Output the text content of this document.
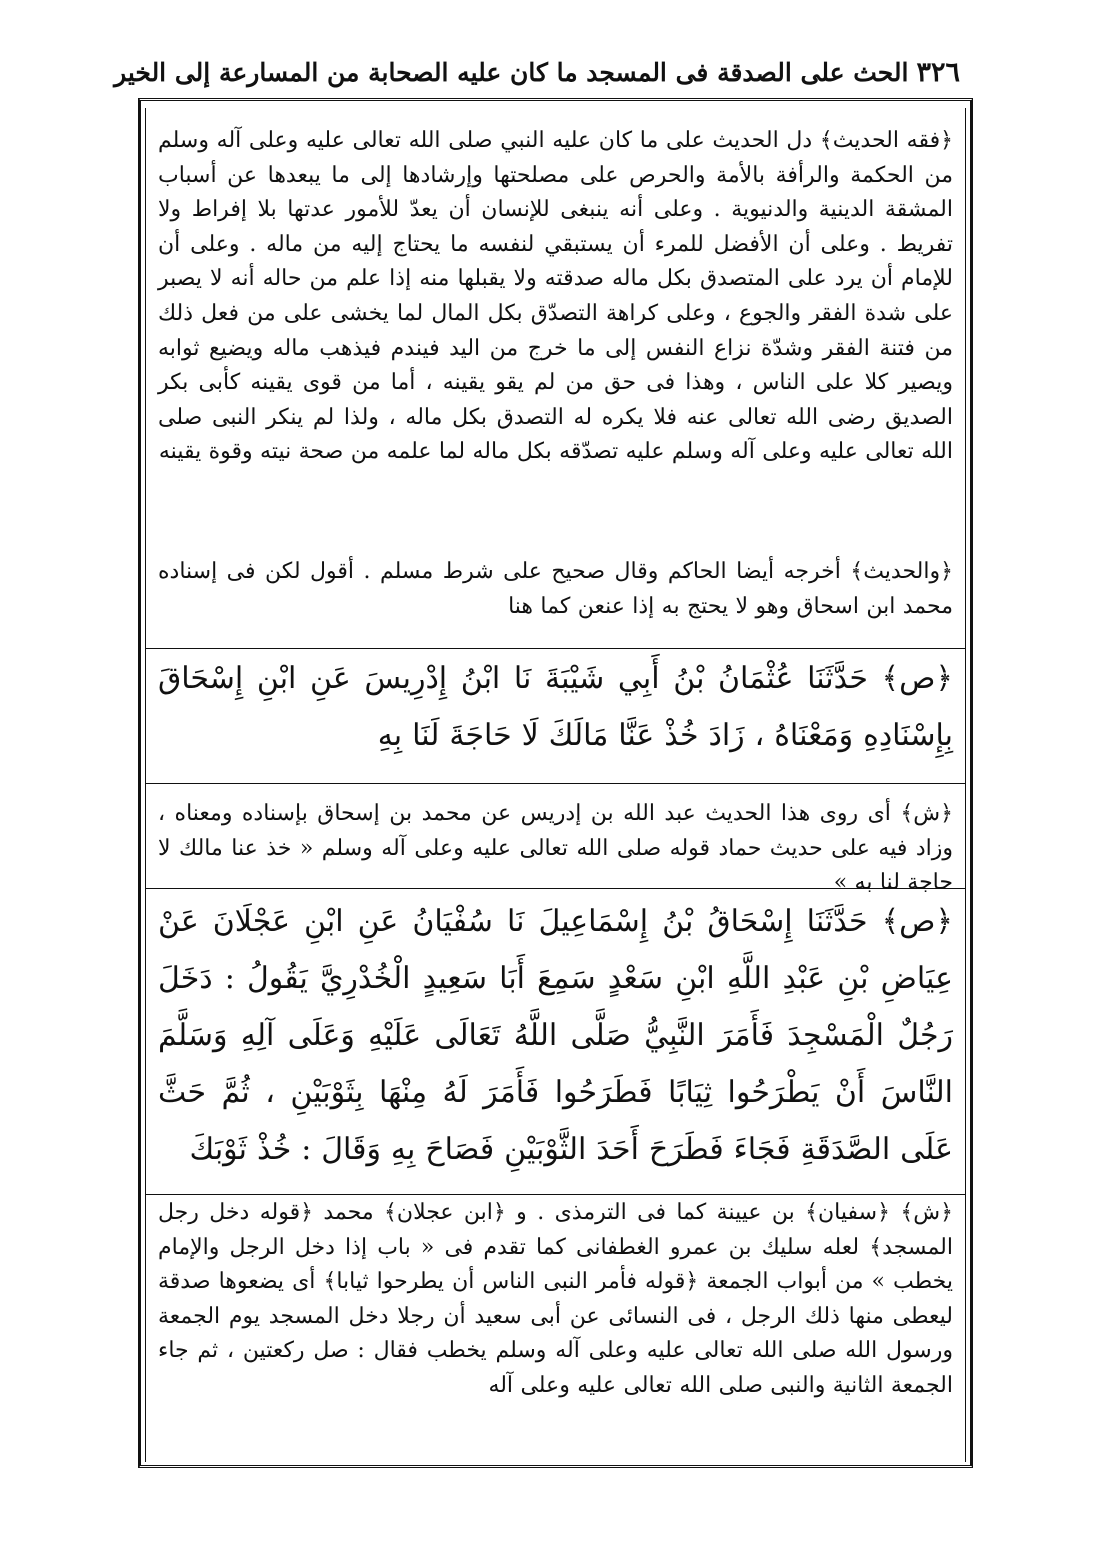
٣٢٦
الحث على الصدقة فى المسجد ما كان عليه الصحابة من المسارعة إلى الخير
﴿فقه الحديث﴾ دل الحديث على ما كان عليه النبي صلى الله تعالى عليه وعلى آله وسلم من الحكمة والرأفة بالأمة والحرص على مصلحتها وإرشادها إلى ما يبعدها عن أسباب المشقة الدينية والدنيوية . وعلى أنه ينبغى للإنسان أن يعدّ للأمور عدتها بلا إفراط ولا تفريط . وعلى أن الأفضل للمرء أن يستبقي لنفسه ما يحتاج إليه من ماله . وعلى أن للإمام أن يرد على المتصدق بكل ماله صدقته ولا يقبلها منه إذا علم من حاله أنه لا يصبر على شدة الفقر والجوع ، وعلى كراهة التصدّق بكل المال لما يخشى على من فعل ذلك من فتنة الفقر وشدّة نزاع النفس إلى ما خرج من اليد فيندم فيذهب ماله ويضيع ثوابه ويصير كلا على الناس ، وهذا فى حق من لم يقو يقينه ، أما من قوى يقينه كأبى بكر الصديق رضى الله تعالى عنه فلا يكره له التصدق بكل ماله ، ولذا لم ينكر النبى صلى الله تعالى عليه وعلى آله وسلم عليه تصدّقه بكل ماله لما علمه من صحة نيته وقوة يقينه
﴿والحديث﴾ أخرجه أيضا الحاكم وقال صحيح على شرط مسلم . أقول لكن فى إسناده محمد ابن اسحاق وهو لا يحتج به إذا عنعن كما هنا
﴿ص﴾ حَدَّثَنَا عُثْمَانُ بْنُ أَبِي شَيْبَةَ نَا ابْنُ إِدْرِيسَ عَنِ ابْنِ إِسْحَاقَ بِإِسْنَادِهِ وَمَعْنَاهُ ، زَادَ خُذْ عَنَّا مَالَكَ لَا حَاجَةَ لَنَا بِهِ
﴿ش﴾ أى روى هذا الحديث عبد الله بن إدريس عن محمد بن إسحاق بإسناده ومعناه ، وزاد فيه على حديث حماد قوله صلى الله تعالى عليه وعلى آله وسلم « خذ عنا مالك لا حاجة لنا به »
﴿ص﴾ حَدَّثَنَا إِسْحَاقُ بْنُ إِسْمَاعِيلَ نَا سُفْيَانُ عَنِ ابْنِ عَجْلَانَ عَنْ عِيَاضِ بْنِ عَبْدِ اللَّهِ ابْنِ سَعْدٍ سَمِعَ أَبَا سَعِيدٍ الْخُدْرِيَّ يَقُولُ : دَخَلَ رَجُلٌ الْمَسْجِدَ فَأَمَرَ النَّبِيُّ صَلَّى اللَّهُ تَعَالَى عَلَيْهِ وَعَلَى آلِهِ وَسَلَّمَ النَّاسَ أَنْ يَطْرَحُوا ثِيَابًا فَطَرَحُوا فَأَمَرَ لَهُ مِنْهَا بِثَوْبَيْنِ ، ثُمَّ حَثَّ عَلَى الصَّدَقَةِ فَجَاءَ فَطَرَحَ أَحَدَ الثَّوْبَيْنِ فَصَاحَ بِهِ وَقَالَ : خُذْ ثَوْبَكَ
﴿ش﴾ ﴿سفيان﴾ بن عيينة كما فى الترمذى . و ﴿ابن عجلان﴾ محمد ﴿قوله دخل رجل المسجد﴾ لعله سليك بن عمرو الغطفانى كما تقدم فى « باب إذا دخل الرجل والإمام يخطب » من أبواب الجمعة ﴿قوله فأمر النبى الناس أن يطرحوا ثيابا﴾ أى يضعوها صدقة ليعطى منها ذلك الرجل ، فى النسائى عن أبى سعيد أن رجلا دخل المسجد يوم الجمعة ورسول الله صلى الله تعالى عليه وعلى آله وسلم يخطب فقال : صل ركعتين ، ثم جاء الجمعة الثانية والنبى صلى الله تعالى عليه وعلى آله
